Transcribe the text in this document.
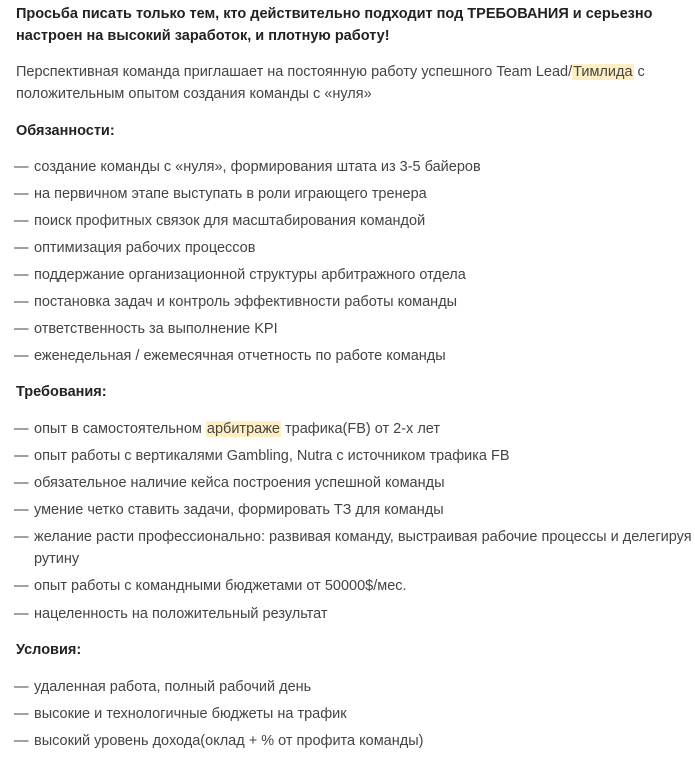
Просьба писать только тем, кто действительно подходит под ТРЕБОВАНИЯ и серьезно настроен на высокий заработок, и плотную работу!
Перспективная команда приглашает на постоянную работу успешного Team Lead/Тимлида с положительным опытом создания команды с «нуля»
Обязанности:
— создание команды с «нуля», формирования штата из 3-5 байеров
— на первичном этапе выступать в роли играющего тренера
— поиск профитных связок для масштабирования командой
— оптимизация рабочих процессов
— поддержание организационной структуры арбитражного отдела
— постановка задач и контроль эффективности работы команды
— ответственность за выполнение KPI
— еженедельная / ежемесячная отчетность по работе команды
Требования:
— опыт в самостоятельном арбитраже трафика(FB) от 2-х лет
— опыт работы с вертикалями Gambling, Nutra с источником трафика FB
— обязательное наличие кейса построения успешной команды
— умение четко ставить задачи, формировать ТЗ для команды
— желание расти профессионально: развивая команду, выстраивая рабочие процессы и делегируя рутину
— опыт работы с командными бюджетами от 50000$/мес.
— нацеленность на положительный результат
Условия:
— удаленная работа, полный рабочий день
— высокие и технологичные бюджеты на трафик
— высокий уровень дохода(оклад + % от профита команды)
